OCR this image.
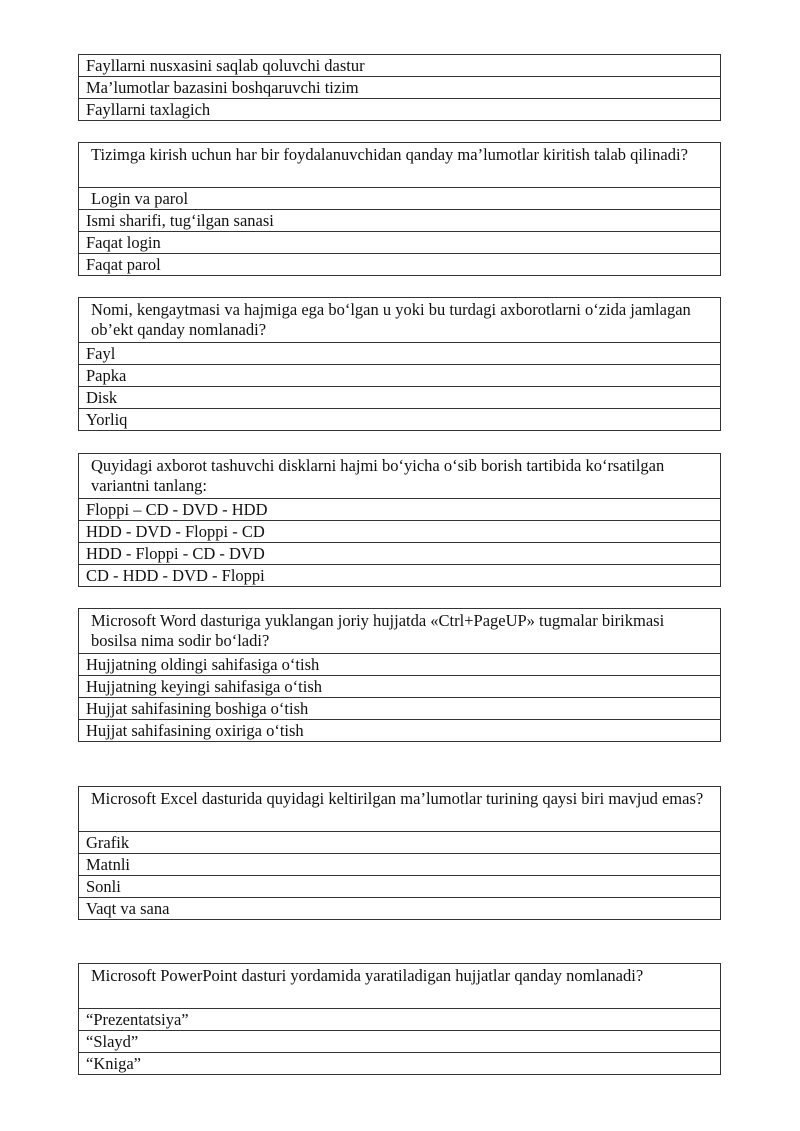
Fayllarni nusxasini saqlab qoluvchi dastur
Ma’lumotlar bazasini boshqaruvchi tizim
Fayllarni taxlagich
Tizimga kirish uchun har bir foydalanuvchidan qanday ma’lumotlar kiritish talab qilinadi?
Login va parol
Ismi sharifi, tug‘ilgan sanasi
Faqat login
Faqat parol
Nomi, kengaytmasi va hajmiga ega bo‘lgan u yoki bu turdagi axborotlarni o‘zida jamlagan ob’ekt qanday nomlanadi?
Fayl
Papka
Disk
Yorliq
Quyidagi axborot tashuvchi disklarni hajmi bo‘yicha o‘sib borish tartibida ko‘rsatilgan variantni tanlang:
Floppi – CD - DVD - HDD
HDD - DVD - Floppi - CD
HDD - Floppi - CD - DVD
CD - HDD - DVD - Floppi
Microsoft Word dasturiga yuklangan joriy hujjatda «Ctrl+PageUP» tugmalar birikmasi bosilsa nima sodir bo‘ladi?
Hujjatning oldingi sahifasiga o‘tish
Hujjatning keyingi sahifasiga o‘tish
Hujjat sahifasining boshiga o‘tish
Hujjat sahifasining oxiriga o‘tish
Microsoft Excel dasturida quyidagi keltirilgan ma’lumotlar turining qaysi biri mavjud emas?
Grafik
Matnli
Sonli
Vaqt va sana
Microsoft PowerPoint dasturi yordamida yaratiladigan hujjatlar qanday nomlanadi?
“Prezentatsiya”
“Slayd”
“Kniga”
